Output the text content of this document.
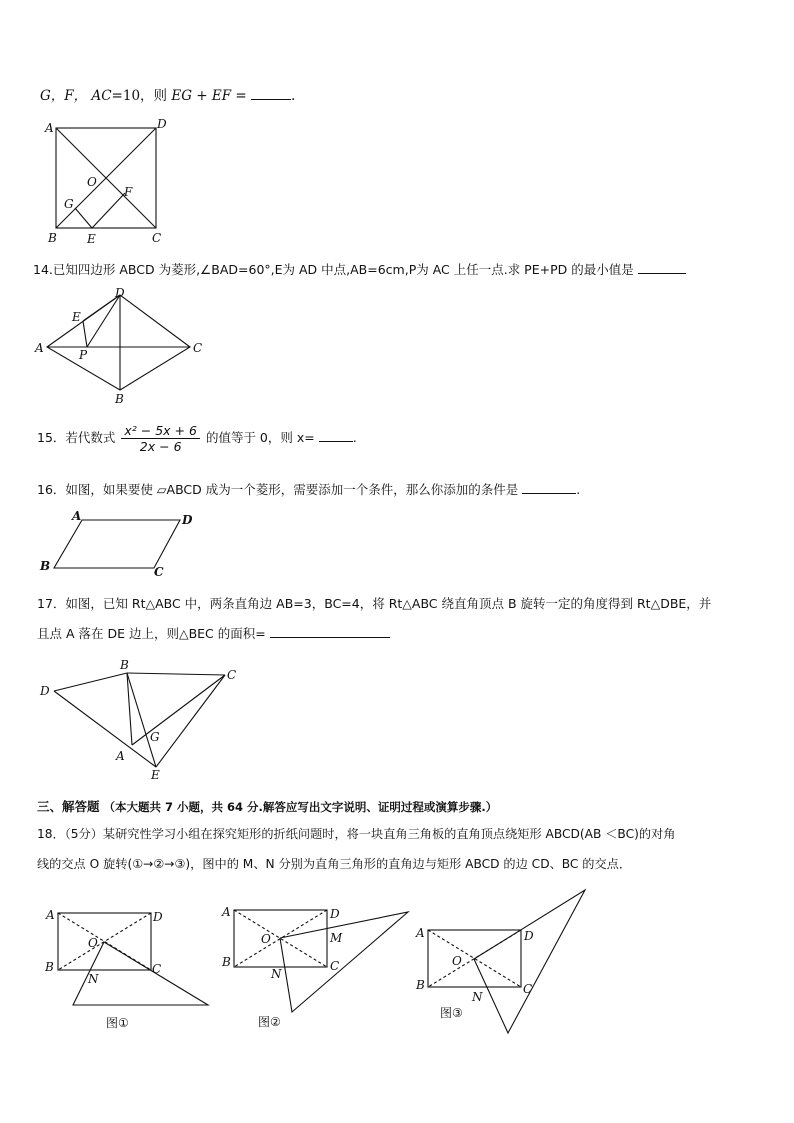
G，F， AC=10，则 EG + EF =	.
A	D
B	C
O
G
F
E
14.已知四边形 ABCD 为菱形,∠BAD=60°,E为 AD 中点,AB=6cm,P为 AC 上任一点.求 PE+PD 的最小值是
A
D
C
B
E
P
15．若代数式 $\frac{\text{x² − 5x + 6}}{2x - 6}$ 的值等于 0，则 x=	.
16．如图，如果要使 ▱ABCD 成为一个菱形，需要添加一个条件，那么你添加的条件是	.
A	D
B	C
17．如图，已知 Rt△ABC 中，两条直角边 AB=3，BC=4，将 Rt△ABC 绕直角顶点 B 旋转一定的角度得到 Rt△DBE，并
且点 A 落在 DE 边上，则△BEC 的面积=
D
B
C
A
G
E
三、解答题 （本大题共 7 小题，共 64 分.解答应写出文字说明、证明过程或演算步骤.）
18．（5分）某研究性学习小组在探究矩形的折纸问题时，将一块直角三角板的直角顶点绕矩形 ABCD(AB ＜BC)的对角
线的交点 O 旋转(①→②→③)，图中的 M、N 分别为直角三角形的直角边与矩形 ABCD 的边 CD、BC 的交点．
A	D
B	C
O
N
图①
A	D
B	C
O	M
N
图②
A	D
B	C
O
N
图③
